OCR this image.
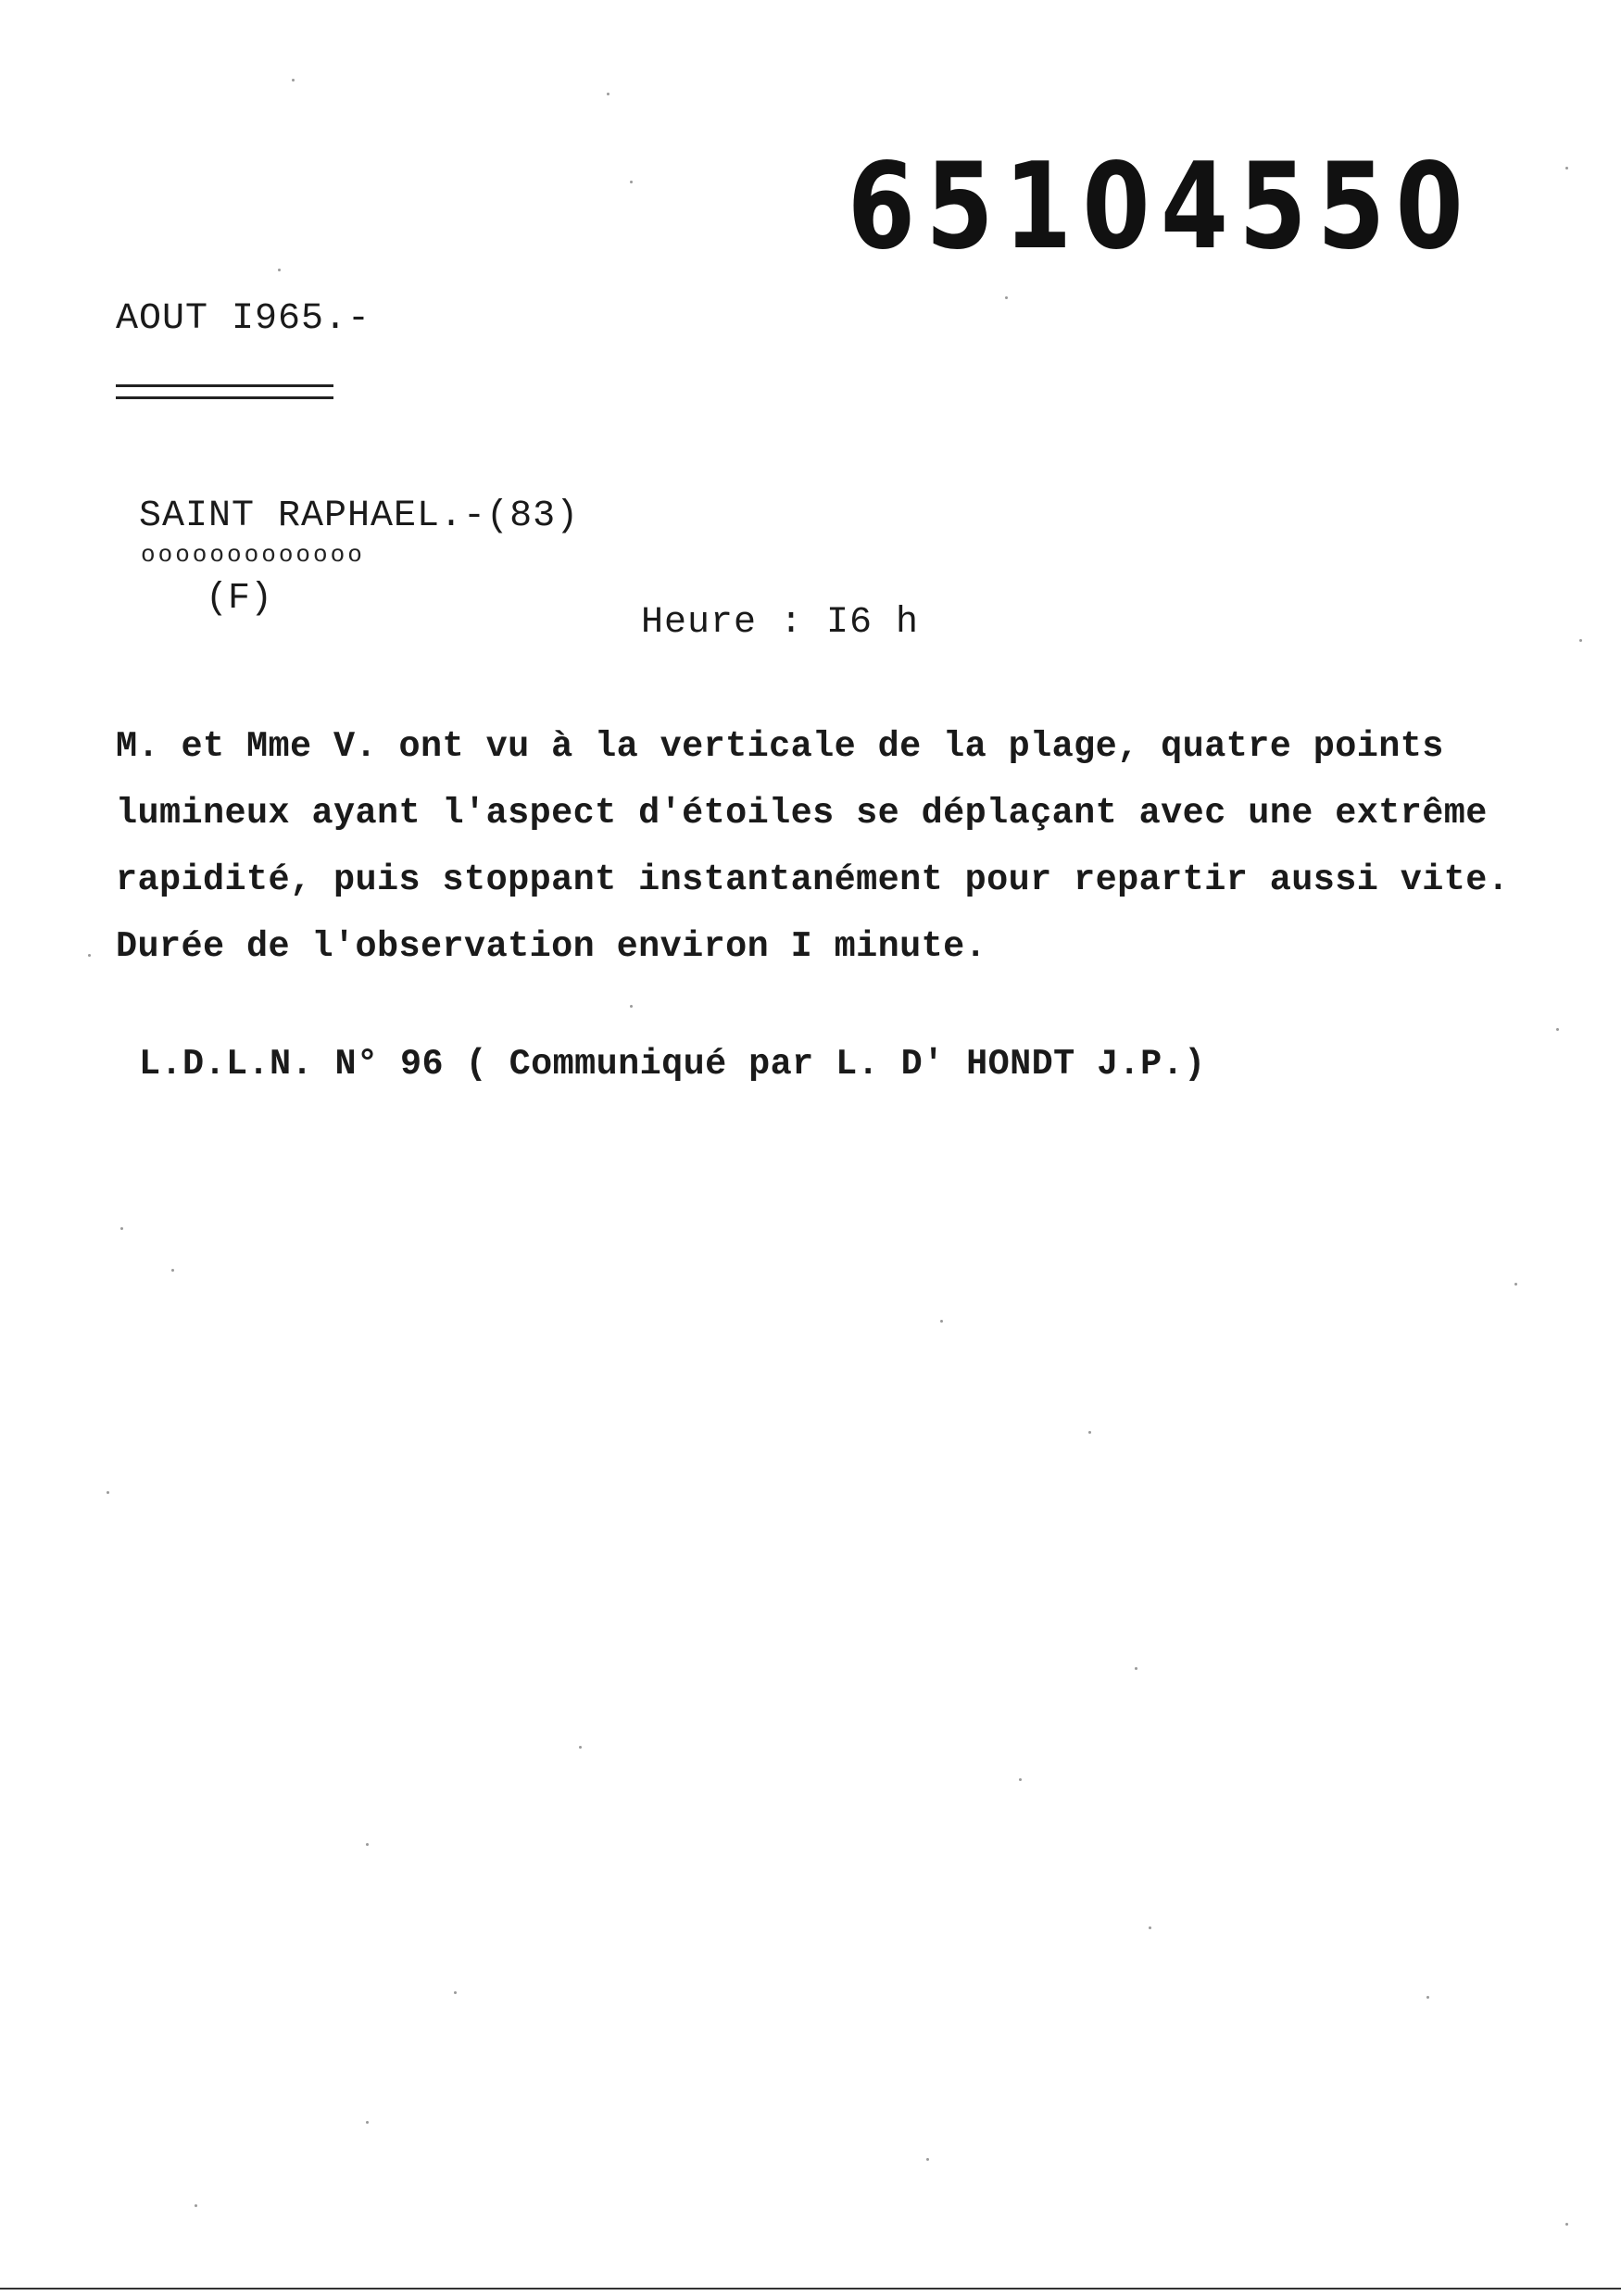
65104550
AOUT I965.-
SAINT RAPHAEL.-(83)
ooooooooooooo
(F)
Heure : I6 h
M. et Mme V. ont vu à la verticale de la plage, quatre points
lumineux ayant l'aspect d'étoiles se déplaçant avec une extrême
rapidité, puis stoppant instantanément pour repartir aussi vite.
Durée de l'observation environ I minute.
L.D.L.N. N° 96 ( Communiqué par L. D' HONDT J.P.)
